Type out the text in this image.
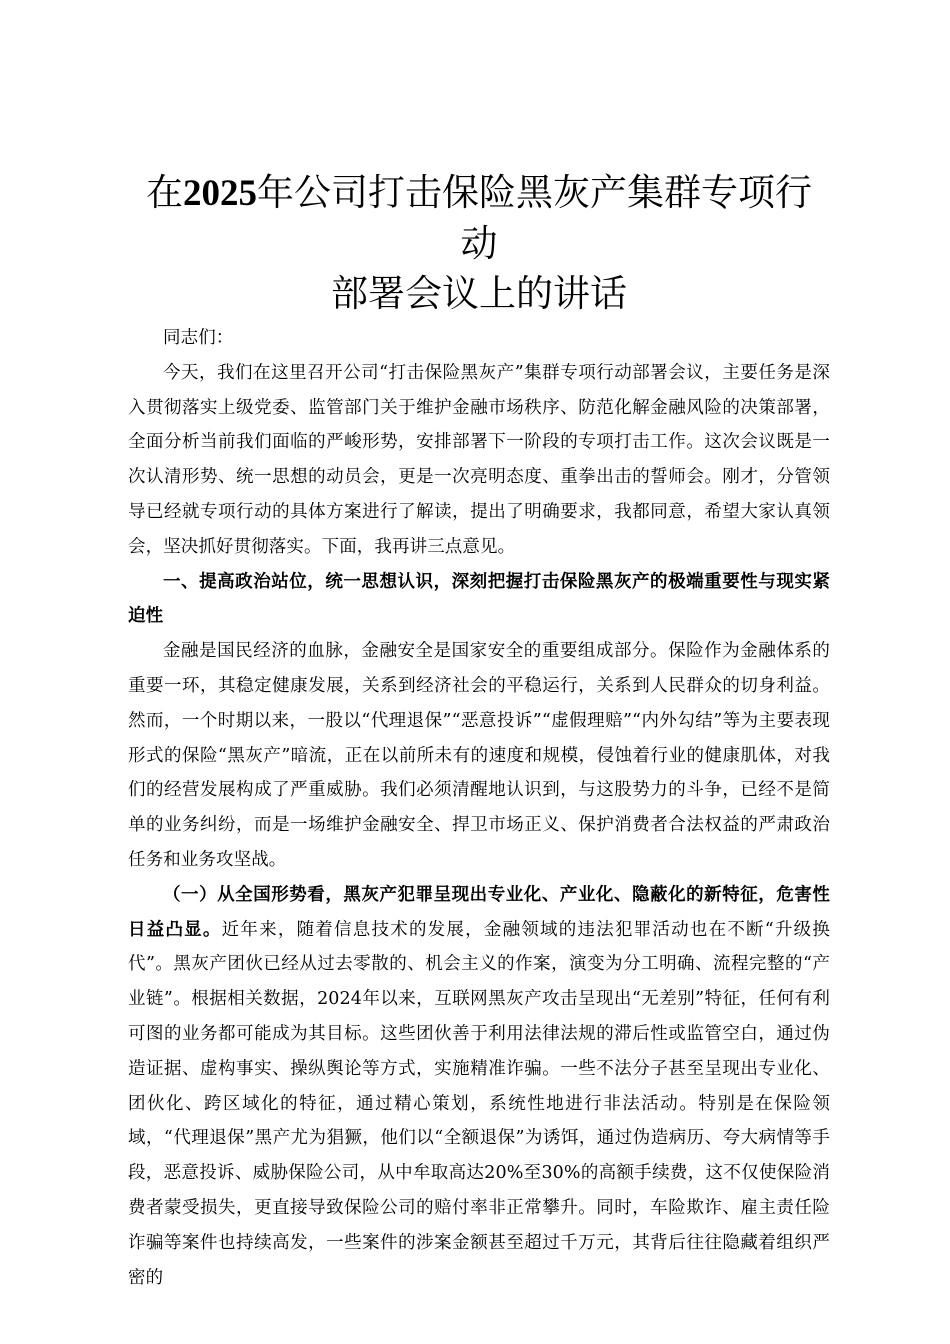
在2025年公司打击保险黑灰产集群专项行动
部署会议上的讲话

同志们：

今天，我们在这里召开公司“打击保险黑灰产”集群专项行动部署会议，主要任务是深入贯彻落实上级党委、监管部门关于维护金融市场秩序、防范化解金融风险的决策部署，全面分析当前我们面临的严峻形势，安排部署下一阶段的专项打击工作。这次会议既是一次认清形势、统一思想的动员会，更是一次亮明态度、重拳出击的誓师会。刚才，分管领导已经就专项行动的具体方案进行了解读，提出了明确要求，我都同意，希望大家认真领会，坚决抓好贯彻落实。下面，我再讲三点意见。

一、提高政治站位，统一思想认识，深刻把握打击保险黑灰产的极端重要性与现实紧迫性

金融是国民经济的血脉，金融安全是国家安全的重要组成部分。保险作为金融体系的重要一环，其稳定健康发展，关系到经济社会的平稳运行，关系到人民群众的切身利益。然而，一个时期以来，一股以“代理退保”“恶意投诉”“虚假理赔”“内外勾结”等为主要表现形式的保险“黑灰产”暗流，正在以前所未有的速度和规模，侵蚀着行业的健康肌体，对我们的经营发展构成了严重威胁。我们必须清醒地认识到，与这股势力的斗争，已经不是简单的业务纠纷，而是一场维护金融安全、捍卫市场正义、保护消费者合法权益的严肃政治任务和业务攻坚战。

（一）从全国形势看，黑灰产犯罪呈现出专业化、产业化、隐蔽化的新特征，危害性日益凸显。近年来，随着信息技术的发展，金融领域的违法犯罪活动也在不断“升级换代”。黑灰产团伙已经从过去零散的、机会主义的作案，演变为分工明确、流程完整的“产业链”。根据相关数据，2024年以来，互联网黑灰产攻击呈现出“无差别”特征，任何有利可图的业务都可能成为其目标。这些团伙善于利用法律法规的滞后性或监管空白，通过伪造证据、虚构事实、操纵舆论等方式，实施精准诈骗。一些不法分子甚至呈现出专业化、团伙化、跨区域化的特征，通过精心策划，系统性地进行非法活动。特别是在保险领域，“代理退保”黑产尤为猖獗，他们以“全额退保”为诱饵，通过伪造病历、夸大病情等手段，恶意投诉、威胁保险公司，从中牟取高达20%至30%的高额手续费，这不仅使保险消费者蒙受损失，更直接导致保险公司的赔付率非正常攀升。同时，车险欺诈、雇主责任险诈骗等案件也持续高发，一些案件的涉案金额甚至超过千万元，其背后往往隐藏着组织严密的
